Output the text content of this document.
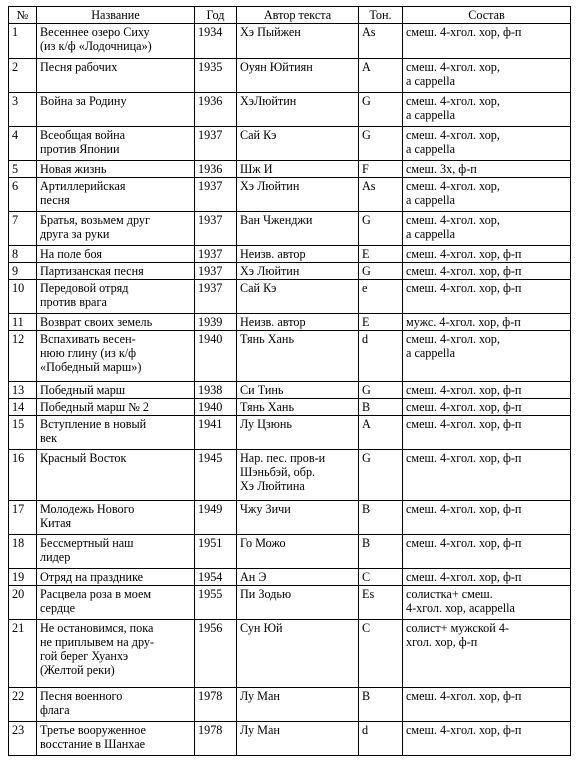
№	Название	Год	Автор текста	Тон.	Состав
1	Весеннее озеро Сиху
(из к/ф «Лодочница»)	1934	Хэ Пыйжен	As	смеш. 4-хгол. хор, ф-п
2	Песня рабочих	1935	Оуян Юйтиян	A	смеш. 4-хгол. хор,
а cappella
3	Война за Родину	1936	ХэЛюйтин	G	смеш. 4-хгол. хор,
а cappella
4	Всеобщая война
против Японии	1937	Сай Кэ	G	смеш. 4-хгол. хор,
а cappella
5	Новая жизнь	1936	Шж И	F	смеш. 3х, ф-п
6	Артиллерийская
песня	1937	Хэ Люйтин	As	смеш. 4-хгол. хор,
а cappella
7	Братья, возьмем друг
друга за руки	1937	Ван Чженджи	G	смеш. 4-хгол. хор,
а cappella
8	На поле боя	1937	Неизв. автор	E	смеш. 4-хгол. хор, ф-п
9	Партизанская песня	1937	Хэ Люйтин	G	смеш. 4-хгол. хор, ф-п
10	Передовой отряд
против врага	1937	Сай Кэ	e	смеш. 4-хгол. хор, ф-п
11	Возврат своих земель	1939	Неизв. автор	E	мужс. 4-хгол. хор, ф-п
12	Вспахивать весен-
нюю глину (из к/ф
«Победный марш»)	1940	Тянь Хань	d	смеш. 4-хгол. хор,
а cappella
13	Победный марш	1938	Си Тинь	G	смеш. 4-хгол. хор, ф-п
14	Победный марш № 2	1940	Тянь Хань	B	смеш. 4-хгол. хор, ф-п
15	Вступление в новый
век	1941	Лу Цзюнь	A	смеш. 4-хгол. хор, ф-п
16	Красный Восток	1945	Нар. пес. пров-и
Шэньбэй, обр.
Хэ Люйтина	G	смеш. 4-хгол. хор, ф-п
17	Молодежь Нового
Китая	1949	Чжу Зичи	B	смеш. 4-хгол. хор, ф-п
18	Бессмертный наш
лидер	1951	Го Можо	B	смеш. 4-хгол. хор, ф-п
19	Отряд на празднике	1954	Ан Э	C	смеш. 4-хгол. хор, ф-п
20	Расцвела роза в моем
сердце	1955	Пи Зодью	Es	солистка+ смеш.
4-хгол. хор, acappella
21	Не остановимся, пока
не приплывем на дру-
гой берег Хуанхэ
(Желтой реки)	1956	Сун Юй	C	солист+ мужской 4-
хгол. хор, ф-п
22	Песня военного
флага	1978	Лу Ман	B	смеш. 4-хгол. хор, ф-п
23	Третье вооруженное
восстание в Шанхае	1978	Лу Ман	d	смеш. 4-хгол. хор, ф-п
